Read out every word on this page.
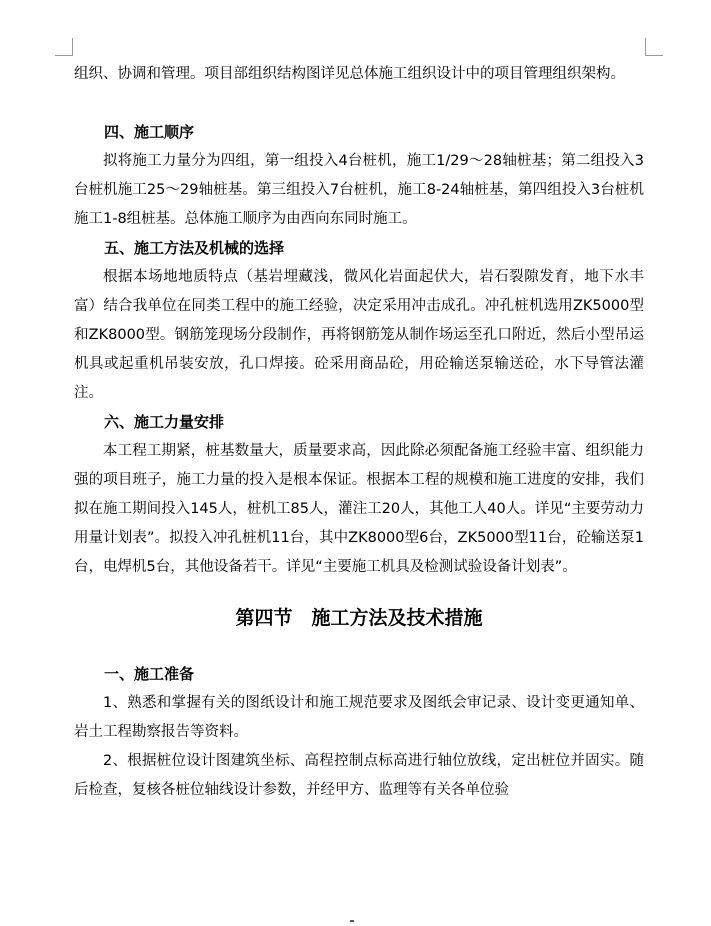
组织、协调和管理。项目部组织结构图详见总体施工组织设计中的项目管理组织架构。

四、施工顺序

拟将施工力量分为四组，第一组投入4台桩机，施工1/29～28轴桩基；第二组投入3台桩机施工25～29轴桩基。第三组投入7台桩机，施工8-24轴桩基，第四组投入3台桩机施工1-8组桩基。总体施工顺序为由西向东同时施工。

五、施工方法及机械的选择

根据本场地地质特点（基岩埋藏浅，微风化岩面起伏大，岩石裂隙发育，地下水丰富）结合我单位在同类工程中的施工经验，决定采用冲击成孔。冲孔桩机选用ZK5000型和ZK8000型。钢筋笼现场分段制作，再将钢筋笼从制作场运至孔口附近，然后小型吊运机具或起重机吊装安放，孔口焊接。砼采用商品砼，用砼输送泵输送砼，水下导管法灌注。

六、施工力量安排

本工程工期紧，桩基数量大，质量要求高，因此除必须配备施工经验丰富、组织能力强的项目班子，施工力量的投入是根本保证。根据本工程的规模和施工进度的安排，我们拟在施工期间投入145人，桩机工85人，灌注工20人，其他工人40人。详见“主要劳动力用量计划表”。拟投入冲孔桩机11台，其中ZK8000型6台，ZK5000型11台，砼输送泵1台，电焊机5台，其他设备若干。详见“主要施工机具及检测试验设备计划表”。

第四节　施工方法及技术措施
一、施工准备

1、熟悉和掌握有关的图纸设计和施工规范要求及图纸会审记录、设计变更通知单、岩土工程勘察报告等资料。

2、根据桩位设计图建筑坐标、高程控制点标高进行轴位放线，定出桩位并固实。随后检查，复核各桩位轴线设计参数，并经甲方、监理等有关各单位验
